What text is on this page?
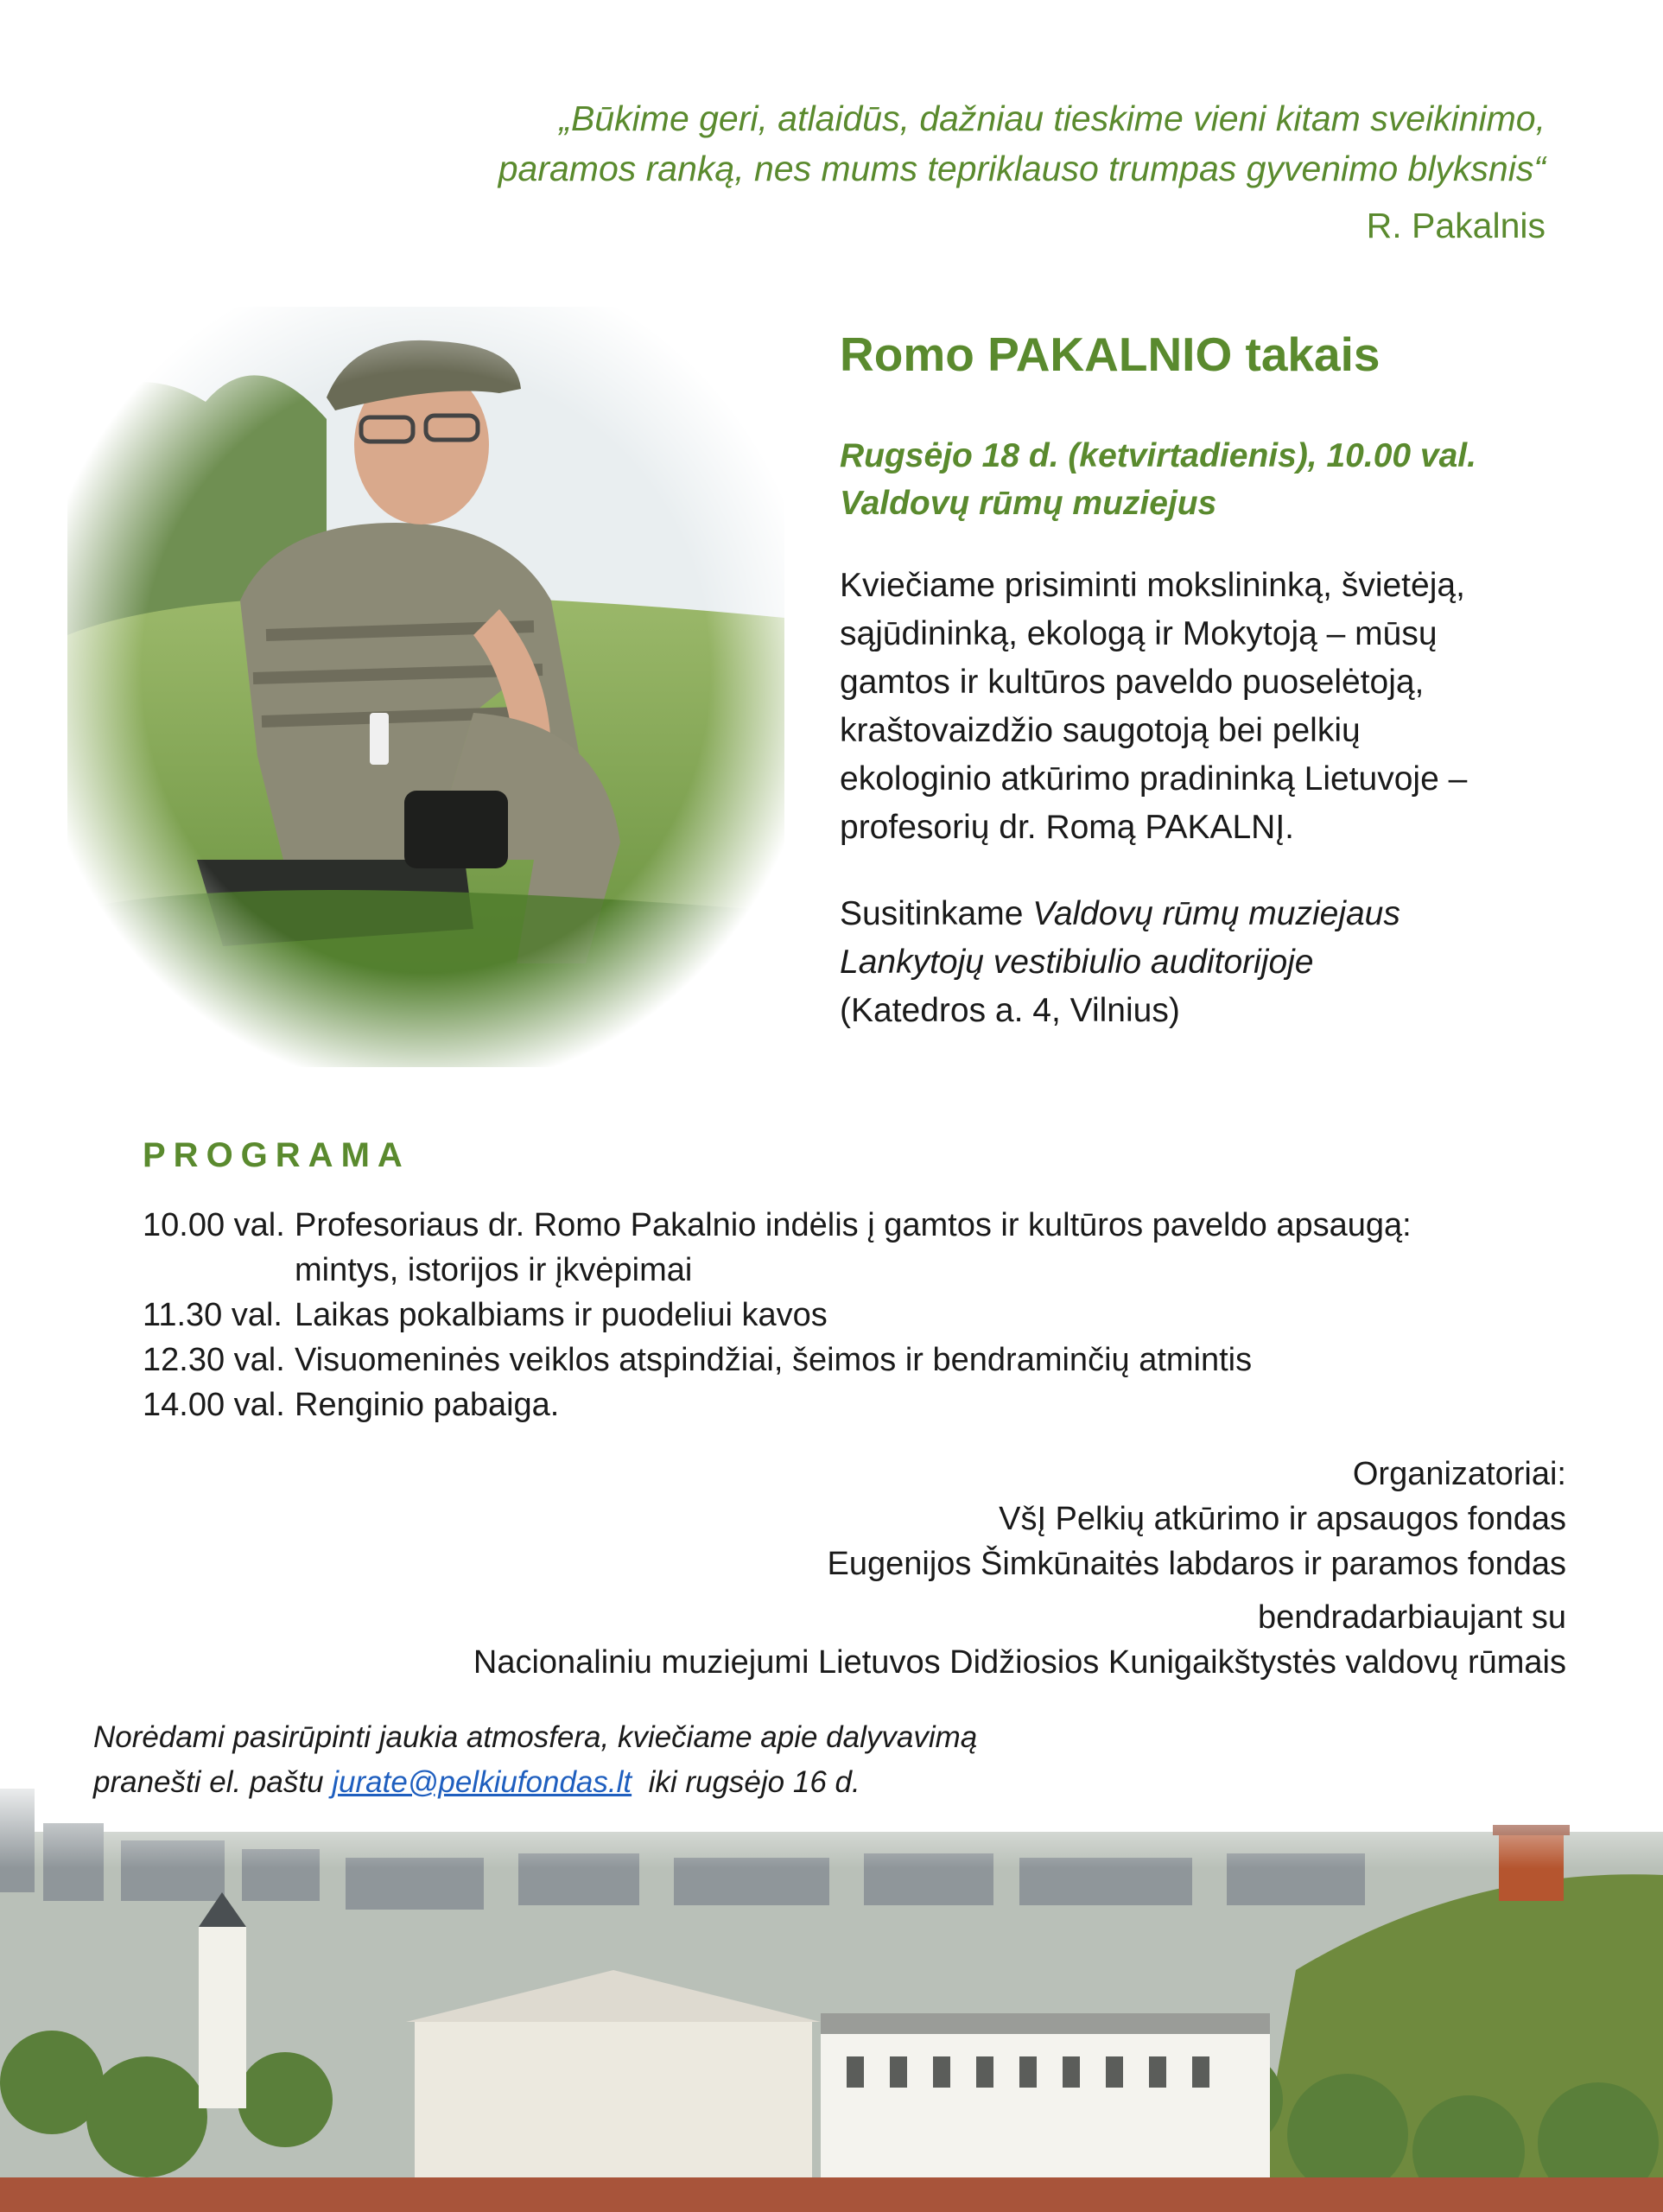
„Būkime geri, atlaidūs, dažniau tieskime vieni kitam sveikinimo,
paramos ranką, nes mums tepriklauso trumpas gyvenimo blyksnis“
R. Pakalnis
Romo PAKALNIO takais
Rugsėjo 18 d. (ketvirtadienis), 10.00 val.
Valdovų rūmų muziejus
Kviečiame prisiminti mokslininką, švietėją,
sąjūdininką, ekologą ir Mokytoją – mūsų
gamtos ir kultūros paveldo puoselėtoją,
kraštovaizdžio saugotoją bei pelkių
ekologinio atkūrimo pradininką Lietuvoje –
profesorių dr. Romą PAKALNĮ.
Susitinkame Valdovų rūmų muziejaus
Lankytojų vestibiulio auditorijoje
(Katedros a. 4, Vilnius)
PROGRAMA
10.00 val. Profesoriaus dr. Romo Pakalnio indėlis į gamtos ir kultūros paveldo apsaugą:
mintys, istorijos ir įkvėpimai
11.30 val. Laikas pokalbiams ir puodeliui kavos
12.30 val. Visuomeninės veiklos atspindžiai, šeimos ir bendraminčių atmintis
14.00 val. Renginio pabaiga.
Organizatoriai:
VšĮ Pelkių atkūrimo ir apsaugos fondas
Eugenijos Šimkūnaitės labdaros ir paramos fondas
bendradarbiaujant su
Nacionaliniu muziejumi Lietuvos Didžiosios Kunigaikštystės valdovų rūmais
Norėdami pasirūpinti jaukia atmosfera, kviečiame apie dalyvavimą
pranešti el. paštu jurate@pelkiufondas.lt  iki rugsėjo 16 d.
